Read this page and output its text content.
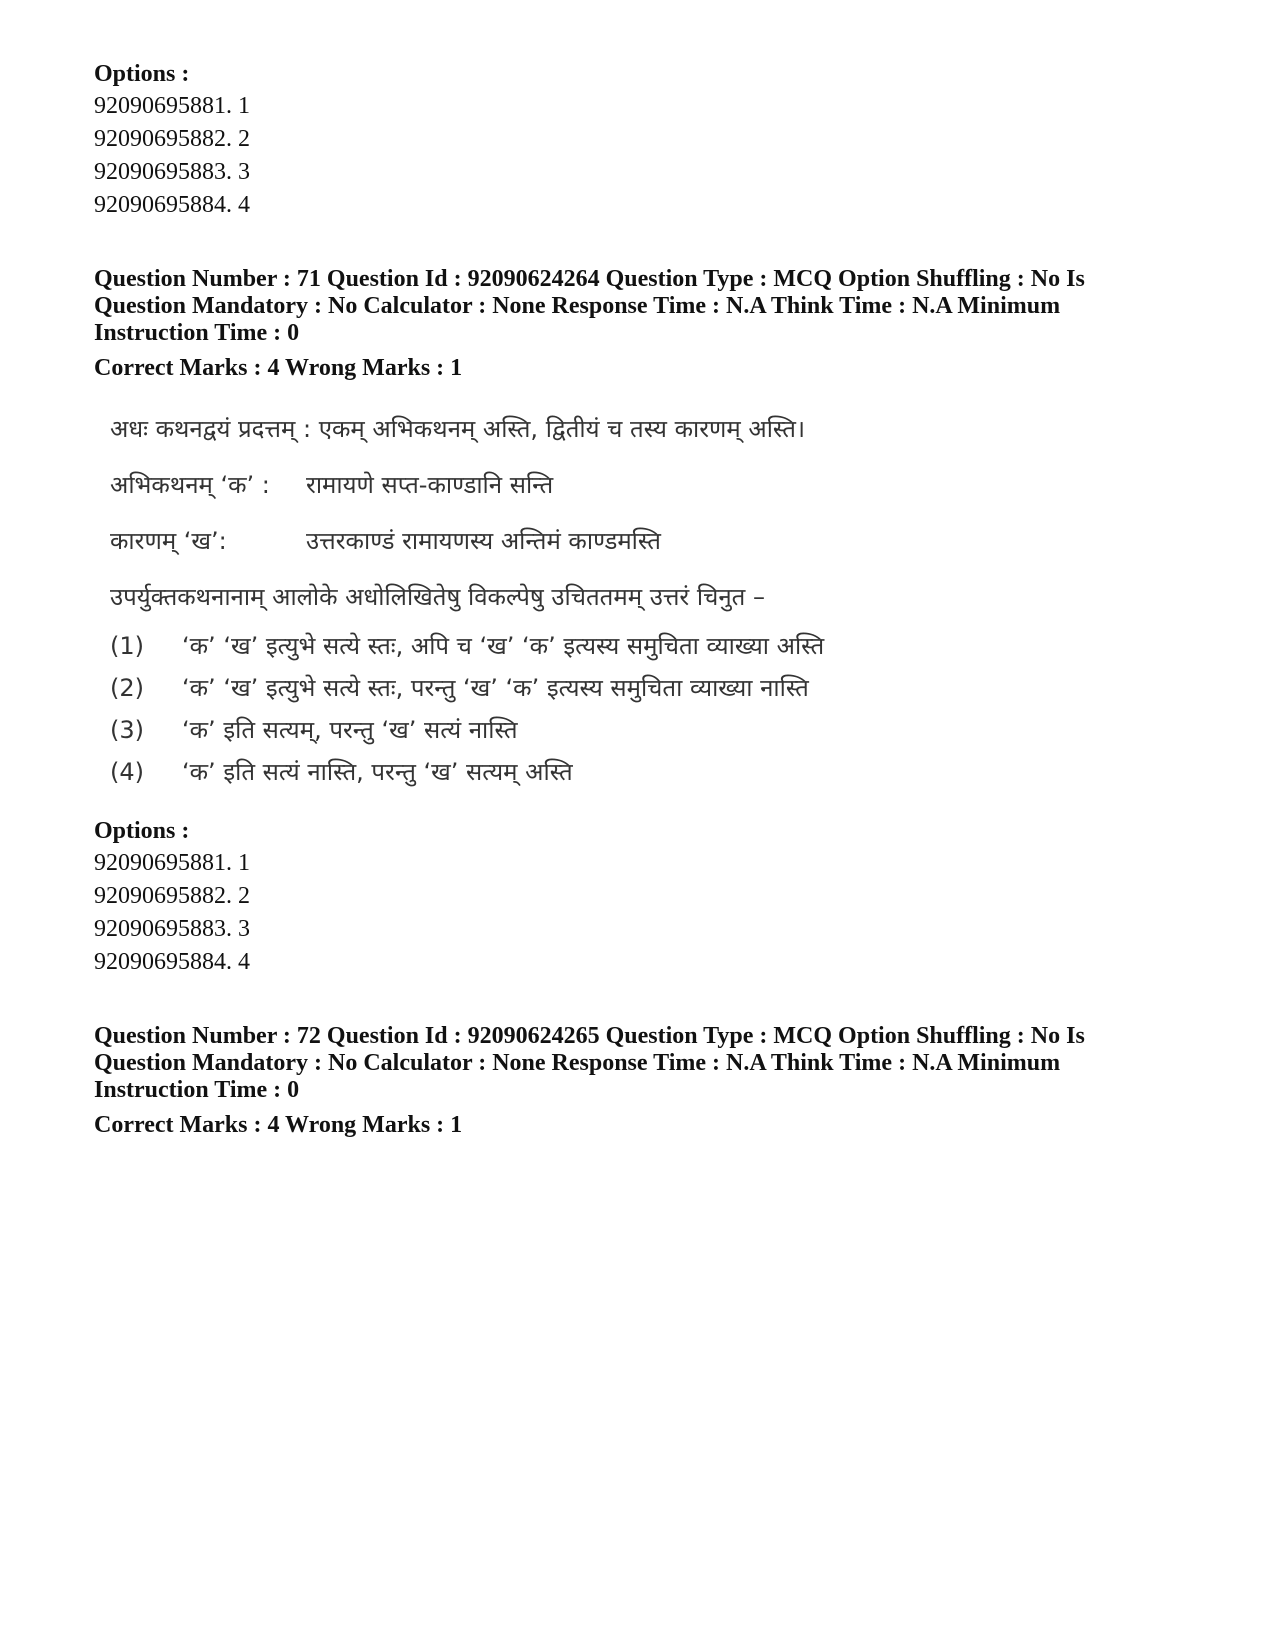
Options :
92090695881. 1
92090695882. 2
92090695883. 3
92090695884. 4
Question Number : 71 Question Id : 92090624264 Question Type : MCQ Option Shuffling : No Is Question Mandatory : No Calculator : None Response Time : N.A Think Time : N.A Minimum Instruction Time : 0
Correct Marks : 4 Wrong Marks : 1
अधः कथनद्वयं प्रदत्तम् : एकम् अभिकथनम् अस्ति, द्वितीयं च तस्य कारणम् अस्ति।
अभिकथनम् ‘क’ :	रामायणे सप्त-काण्डानि सन्ति
कारणम् ‘ख’:	उत्तरकाण्डं रामायणस्य अन्तिमं काण्डमस्ति
उपर्युक्तकथनानाम् आलोके अधोलिखितेषु विकल्पेषु उचिततमम् उत्तरं चिनुत –
(1)	‘क’ ‘ख’ इत्युभे सत्ये स्तः, अपि च ‘ख’ ‘क’ इत्यस्य समुचिता व्याख्या अस्ति
(2)	‘क’ ‘ख’ इत्युभे सत्ये स्तः, परन्तु ‘ख’ ‘क’ इत्यस्य समुचिता व्याख्या नास्ति
(3)	‘क’ इति सत्यम्, परन्तु ‘ख’ सत्यं नास्ति
(4)	‘क’ इति सत्यं नास्ति, परन्तु ‘ख’ सत्यम् अस्ति
Options :
92090695881. 1
92090695882. 2
92090695883. 3
92090695884. 4
Question Number : 72 Question Id : 92090624265 Question Type : MCQ Option Shuffling : No Is Question Mandatory : No Calculator : None Response Time : N.A Think Time : N.A Minimum Instruction Time : 0
Correct Marks : 4 Wrong Marks : 1
